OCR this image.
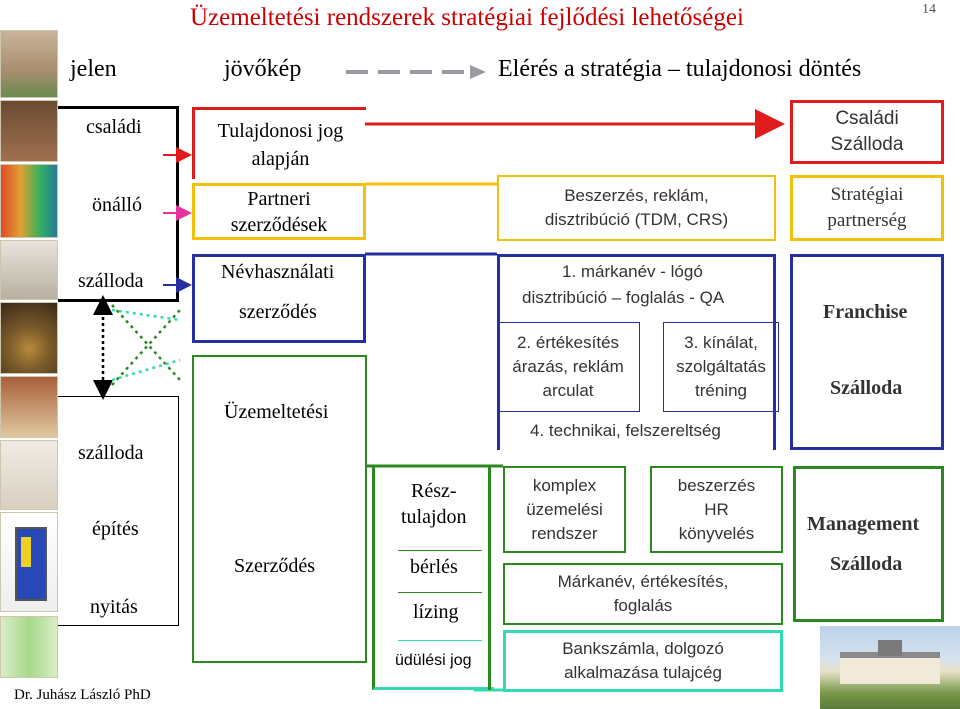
Üzemeltetési rendszerek stratégiai fejlődési lehetőségei	14
jelen	jövőkép	Elérés a stratégia – tulajdonosi döntés
családi
önálló
szálloda
szálloda
építés
nyitás
Tulajdonosi jog
alapján
Partneri
szerződések
Névhasználati
szerződés
Üzemeltetési
Szerződés
Rész-
tulajdon
bérlés
lízing
üdülési jog
Beszerzés, reklám,
disztribúció (TDM, CRS)
1. márkanév - lógó
disztribúció – foglalás - QA
2. értékesítés
árazás, reklám
arculat
3. kínálat,
szolgáltatás
tréning
4. technikai, felszereltség
komplex
üzemelési
rendszer
beszerzés
HR
könyvelés
Márkanév, értékesítés,
foglalás
Bankszámla, dolgozó
alkalmazása tulajcég
Családi
Szálloda
Stratégiai
partnerség
Franchise
Szálloda
Management
Szálloda
Dr. Juhász László PhD
